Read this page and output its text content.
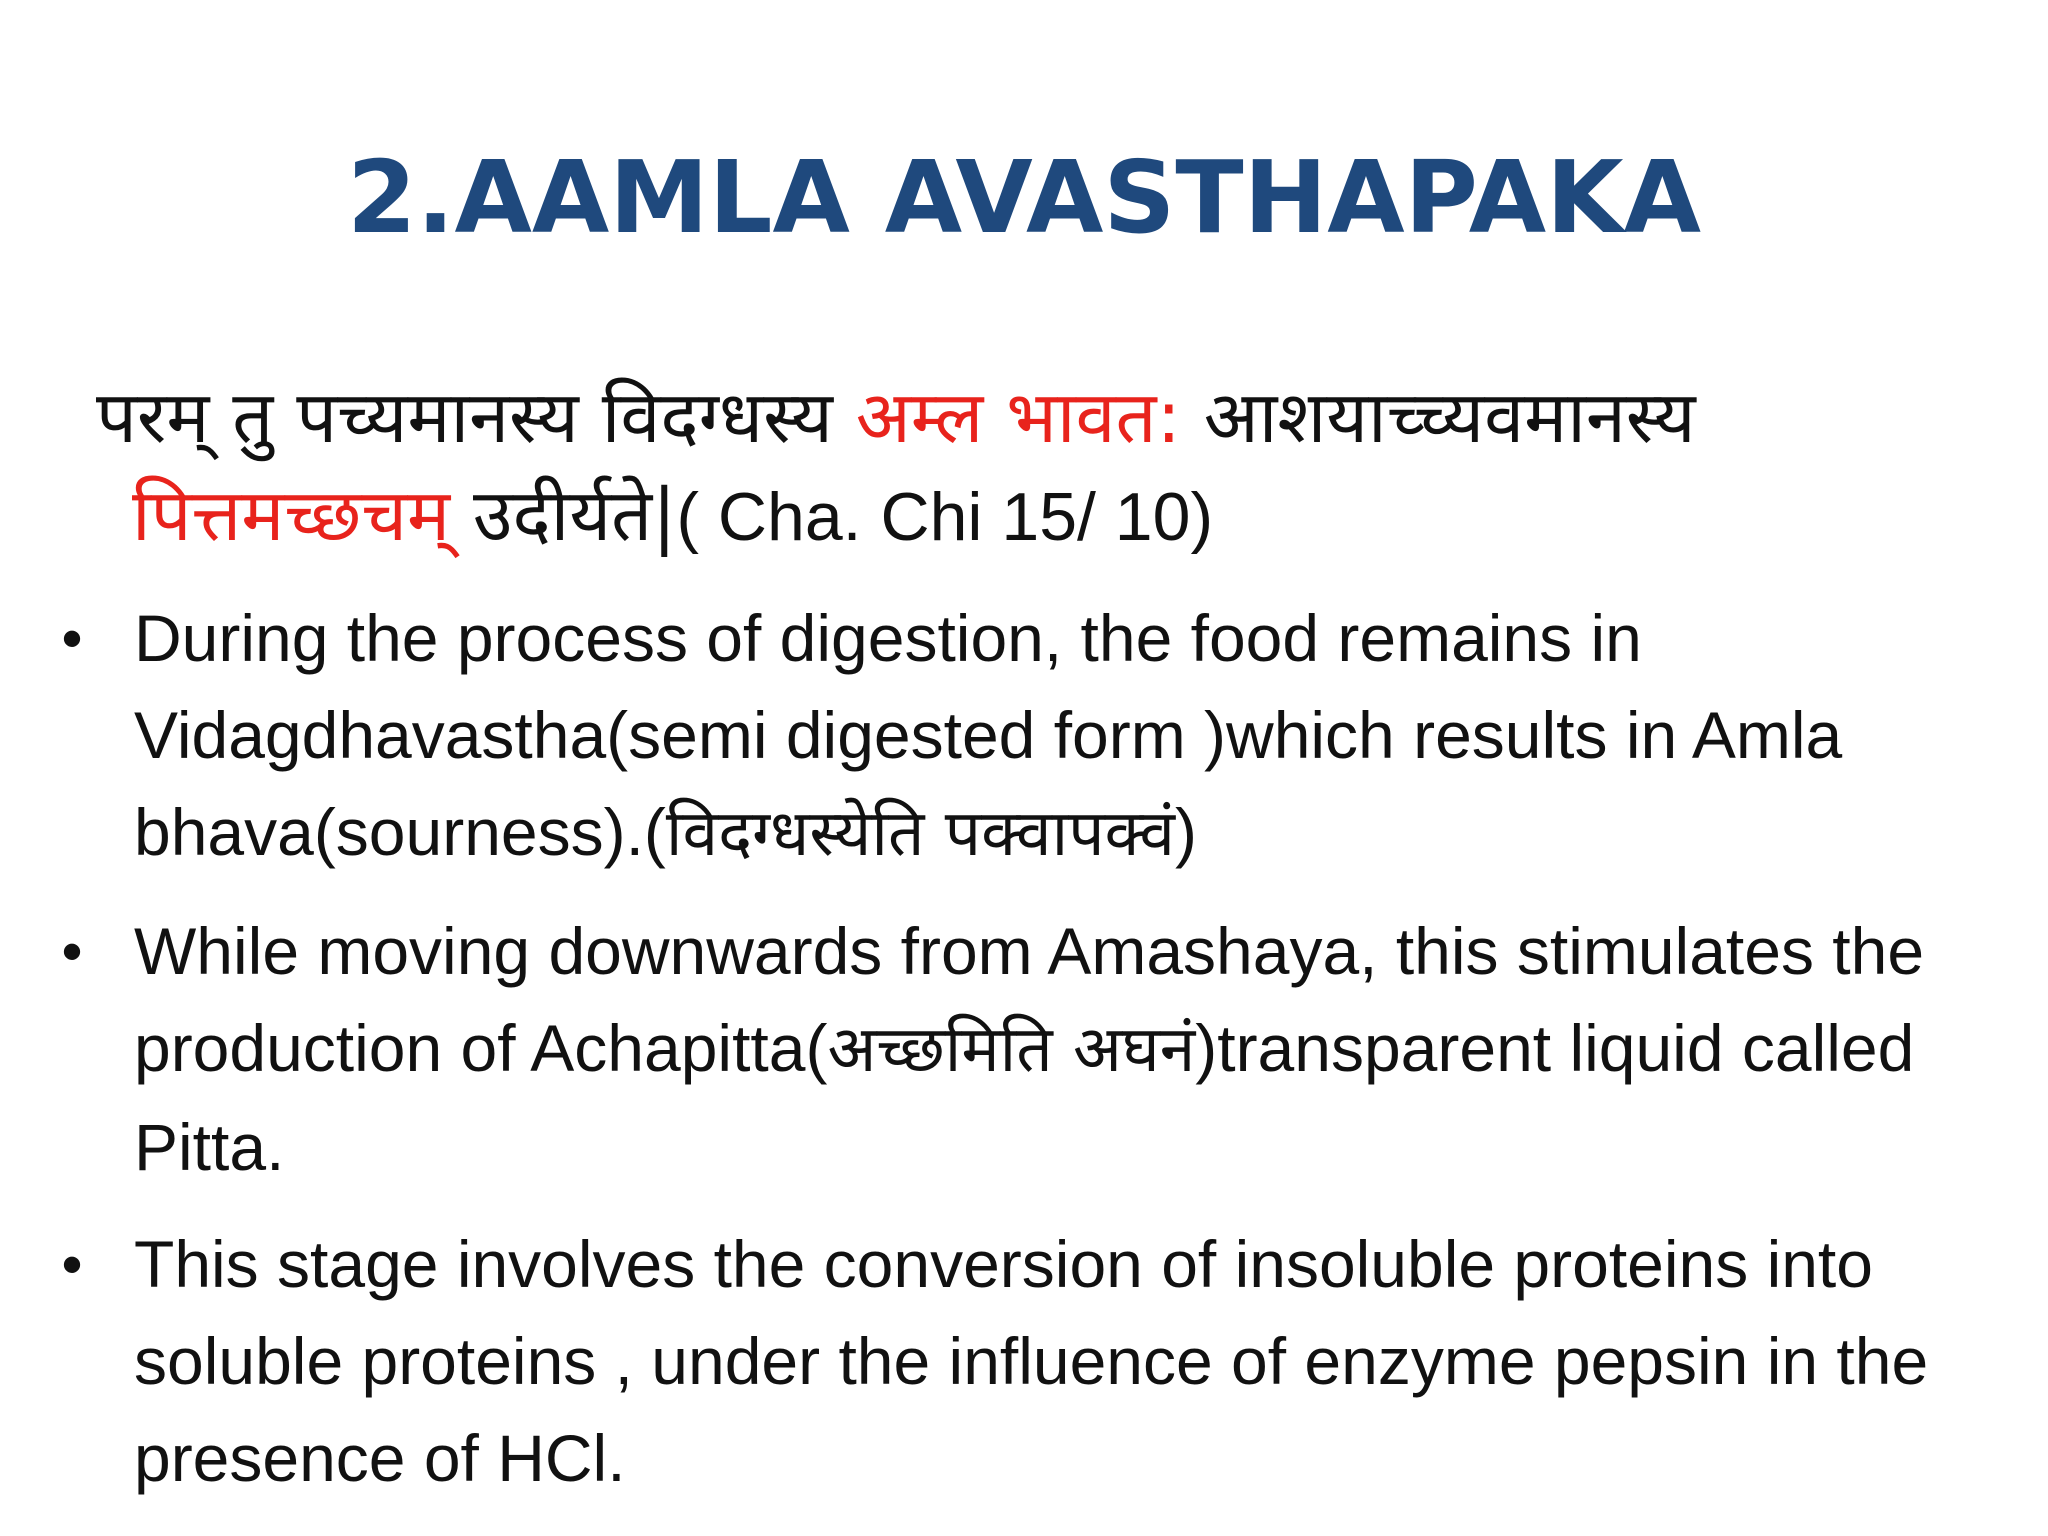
2.AAMLA AVASTHAPAKA
परम् तु पच्यमानस्य विदग्धस्य अम्ल भावत: आशयाच्च्यवमानस्य
पित्तमच्छचम् उदीर्यते|( Cha. Chi 15/ 10)
• During the process of digestion, the food remains in Vidagdhavastha(semi digested form )which results in Amla bhava(sourness).(विदग्धस्येति पक्वापक्वं)
• While moving downwards from Amashaya, this stimulates the production of Achapitta(अच्छमिति अघनं)transparent liquid called Pitta.
• This stage involves the conversion of insoluble proteins into soluble proteins , under the influence of enzyme pepsin in the presence of HCl.
